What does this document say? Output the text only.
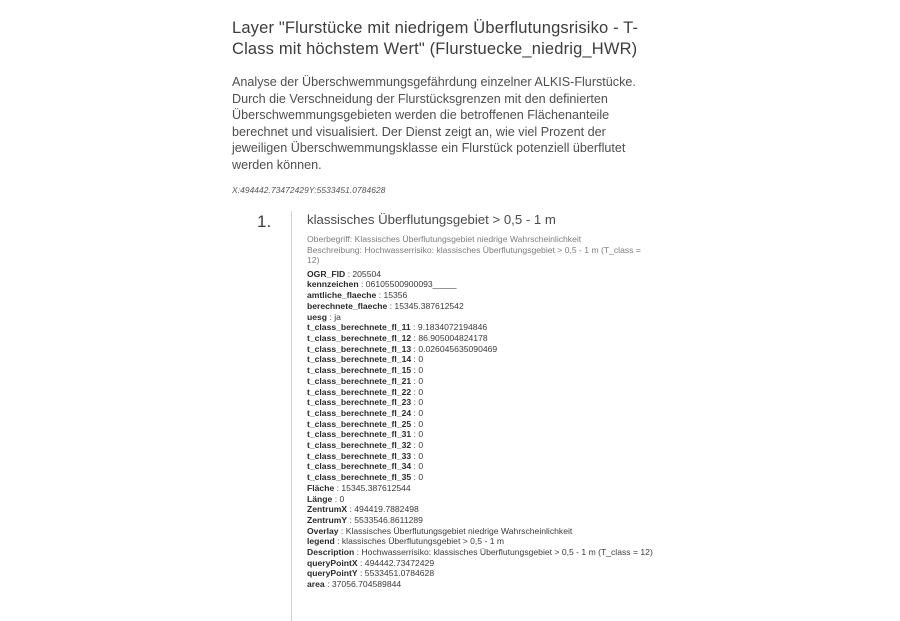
Layer "Flurstücke mit niedrigem Überflutungsrisiko - T-Class mit höchstem Wert" (Flurstuecke_niedrig_HWR)

Analyse der Überschwemmungsgefährdung einzelner ALKIS-Flurstücke. Durch die Verschneidung der Flurstücksgrenzen mit den definierten Überschwemmungsgebieten werden die betroffenen Flächenanteile berechnet und visualisiert. Der Dienst zeigt an, wie viel Prozent der jeweiligen Überschwemmungsklasse ein Flurstück potenziell überflutet werden können.

X:494442.73472429Y:5533451.0784628

1.	klassisches Überflutungsgebiet > 0,5 - 1 m

Oberbegriff: Klassisches Überflutungsgebiet niedrige Wahrscheinlichkeit

Beschreibung: Hochwasserrisiko: klassisches Überflutungsgebiet > 0,5 - 1 m (T_class = 12)

OGR_FID : 205504
kennzeichen : 06105500900093_____
amtliche_flaeche : 15356
berechnete_flaeche : 15345.387612542
uesg : ja
t_class_berechnete_fl_11 : 9.1834072194846
t_class_berechnete_fl_12 : 86.905004824178
t_class_berechnete_fl_13 : 0.026045635090469
t_class_berechnete_fl_14 : 0
t_class_berechnete_fl_15 : 0
t_class_berechnete_fl_21 : 0
t_class_berechnete_fl_22 : 0
t_class_berechnete_fl_23 : 0
t_class_berechnete_fl_24 : 0
t_class_berechnete_fl_25 : 0
t_class_berechnete_fl_31 : 0
t_class_berechnete_fl_32 : 0
t_class_berechnete_fl_33 : 0
t_class_berechnete_fl_34 : 0
t_class_berechnete_fl_35 : 0
Fläche : 15345.387612544
Länge : 0
ZentrumX : 494419.7882498
ZentrumY : 5533546.8611289
Overlay : Klassisches Überflutungsgebiet niedrige Wahrscheinlichkeit
legend : klassisches Überflutungsgebiet > 0,5 - 1 m
Description : Hochwasserrisiko: klassisches Überflutungsgebiet > 0,5 - 1 m (T_class = 12)
queryPointX : 494442.73472429
queryPointY : 5533451.0784628
area : 37056.704589844
